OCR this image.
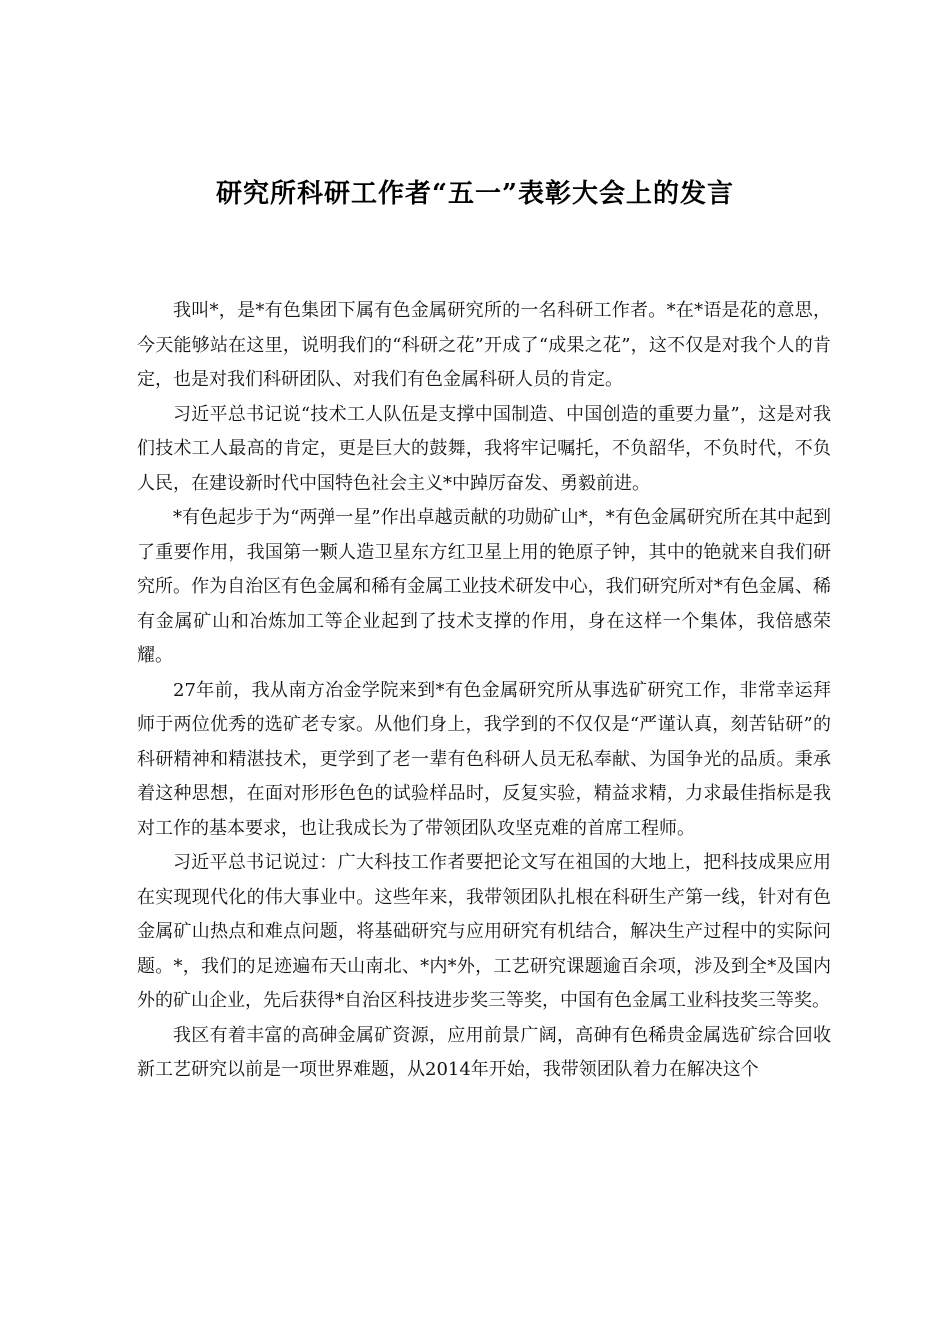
研究所科研工作者“五一”表彰大会上的发言

我叫*，是*有色集团下属有色金属研究所的一名科研工作者。*在*语是花的意思，今天能够站在这里，说明我们的“科研之花”开成了“成果之花”，这不仅是对我个人的肯定，也是对我们科研团队、对我们有色金属科研人员的肯定。

习近平总书记说“技术工人队伍是支撑中国制造、中国创造的重要力量”，这是对我们技术工人最高的肯定，更是巨大的鼓舞，我将牢记嘱托，不负韶华，不负时代，不负人民，在建设新时代中国特色社会主义*中踔厉奋发、勇毅前进。

*有色起步于为“两弹一星”作出卓越贡献的功勋矿山*，*有色金属研究所在其中起到了重要作用，我国第一颗人造卫星东方红卫星上用的铯原子钟，其中的铯就来自我们研究所。作为自治区有色金属和稀有金属工业技术研发中心，我们研究所对*有色金属、稀有金属矿山和冶炼加工等企业起到了技术支撑的作用，身在这样一个集体，我倍感荣耀。

27年前，我从南方冶金学院来到*有色金属研究所从事选矿研究工作，非常幸运拜师于两位优秀的选矿老专家。从他们身上，我学到的不仅仅是“严谨认真，刻苦钻研”的科研精神和精湛技术，更学到了老一辈有色科研人员无私奉献、为国争光的品质。秉承着这种思想，在面对形形色色的试验样品时，反复实验，精益求精，力求最佳指标是我对工作的基本要求，也让我成长为了带领团队攻坚克难的首席工程师。

习近平总书记说过：广大科技工作者要把论文写在祖国的大地上，把科技成果应用在实现现代化的伟大事业中。这些年来，我带领团队扎根在科研生产第一线，针对有色金属矿山热点和难点问题，将基础研究与应用研究有机结合，解决生产过程中的实际问题。*，我们的足迹遍布天山南北、*内*外，工艺研究课题逾百余项，涉及到全*及国内外的矿山企业，先后获得*自治区科技进步奖三等奖，中国有色金属工业科技奖三等奖。

我区有着丰富的高砷金属矿资源，应用前景广阔，高砷有色稀贵金属选矿综合回收新工艺研究以前是一项世界难题，从2014年开始，我带领团队着力在解决这个
